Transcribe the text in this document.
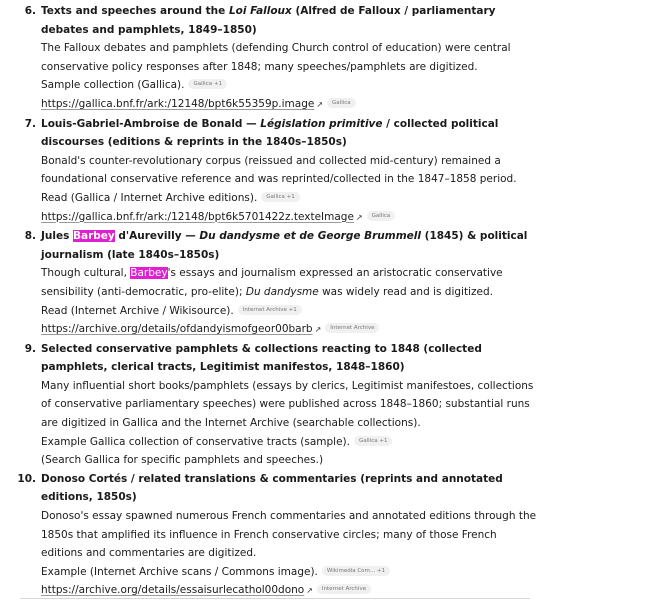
6. Texts and speeches around the Loi Falloux (Alfred de Falloux / parliamentary debates and pamphlets, 1849–1850)
The Falloux debates and pamphlets (defending Church control of education) were central conservative policy responses after 1848; many speeches/pamphlets are digitized.
Sample collection (Gallica). Gallica +1
https://gallica.bnf.fr/ark:/12148/bpt6k55359p.image ↗ Gallica
7. Louis-Gabriel-Ambroise de Bonald — Législation primitive / collected political discourses (editions & reprints in the 1840s–1850s)
Bonald's counter-revolutionary corpus (reissued and collected mid-century) remained a foundational conservative reference and was reprinted/collected in the 1847–1858 period.
Read (Gallica / Internet Archive editions). Gallica +1
https://gallica.bnf.fr/ark:/12148/bpt6k5701422z.texteImage ↗ Gallica
8. Jules Barbey d'Aurevilly — Du dandysme et de George Brummell (1845) & political journalism (late 1840s–1850s)
Though cultural, Barbey's essays and journalism expressed an aristocratic conservative sensibility (anti-democratic, pro-elite); Du dandysme was widely read and is digitized.
Read (Internet Archive / Wikisource). Internet Archive +1
https://archive.org/details/ofdandyismofgeor00barb ↗ Internet Archive
9. Selected conservative pamphlets & collections reacting to 1848 (collected pamphlets, clerical tracts, Legitimist manifestos, 1848–1860)
Many influential short books/pamphlets (essays by clerics, Legitimist manifestoes, collections of conservative parliamentary speeches) were published across 1848–1860; substantial runs are digitized in Gallica and the Internet Archive (searchable collections).
Example Gallica collection of conservative tracts (sample). Gallica +1
(Search Gallica for specific pamphlets and speeches.)
10. Donoso Cortés / related translations & commentaries (reprints and annotated editions, 1850s)
Donoso's essay spawned numerous French commentaries and annotated editions through the 1850s that amplified its influence in French conservative circles; many of those French editions and commentaries are digitized.
Example (Internet Archive scans / Commons image). Wikimedia Com... +1
https://archive.org/details/essaisurlecathol00dono ↗ Internet Archive
